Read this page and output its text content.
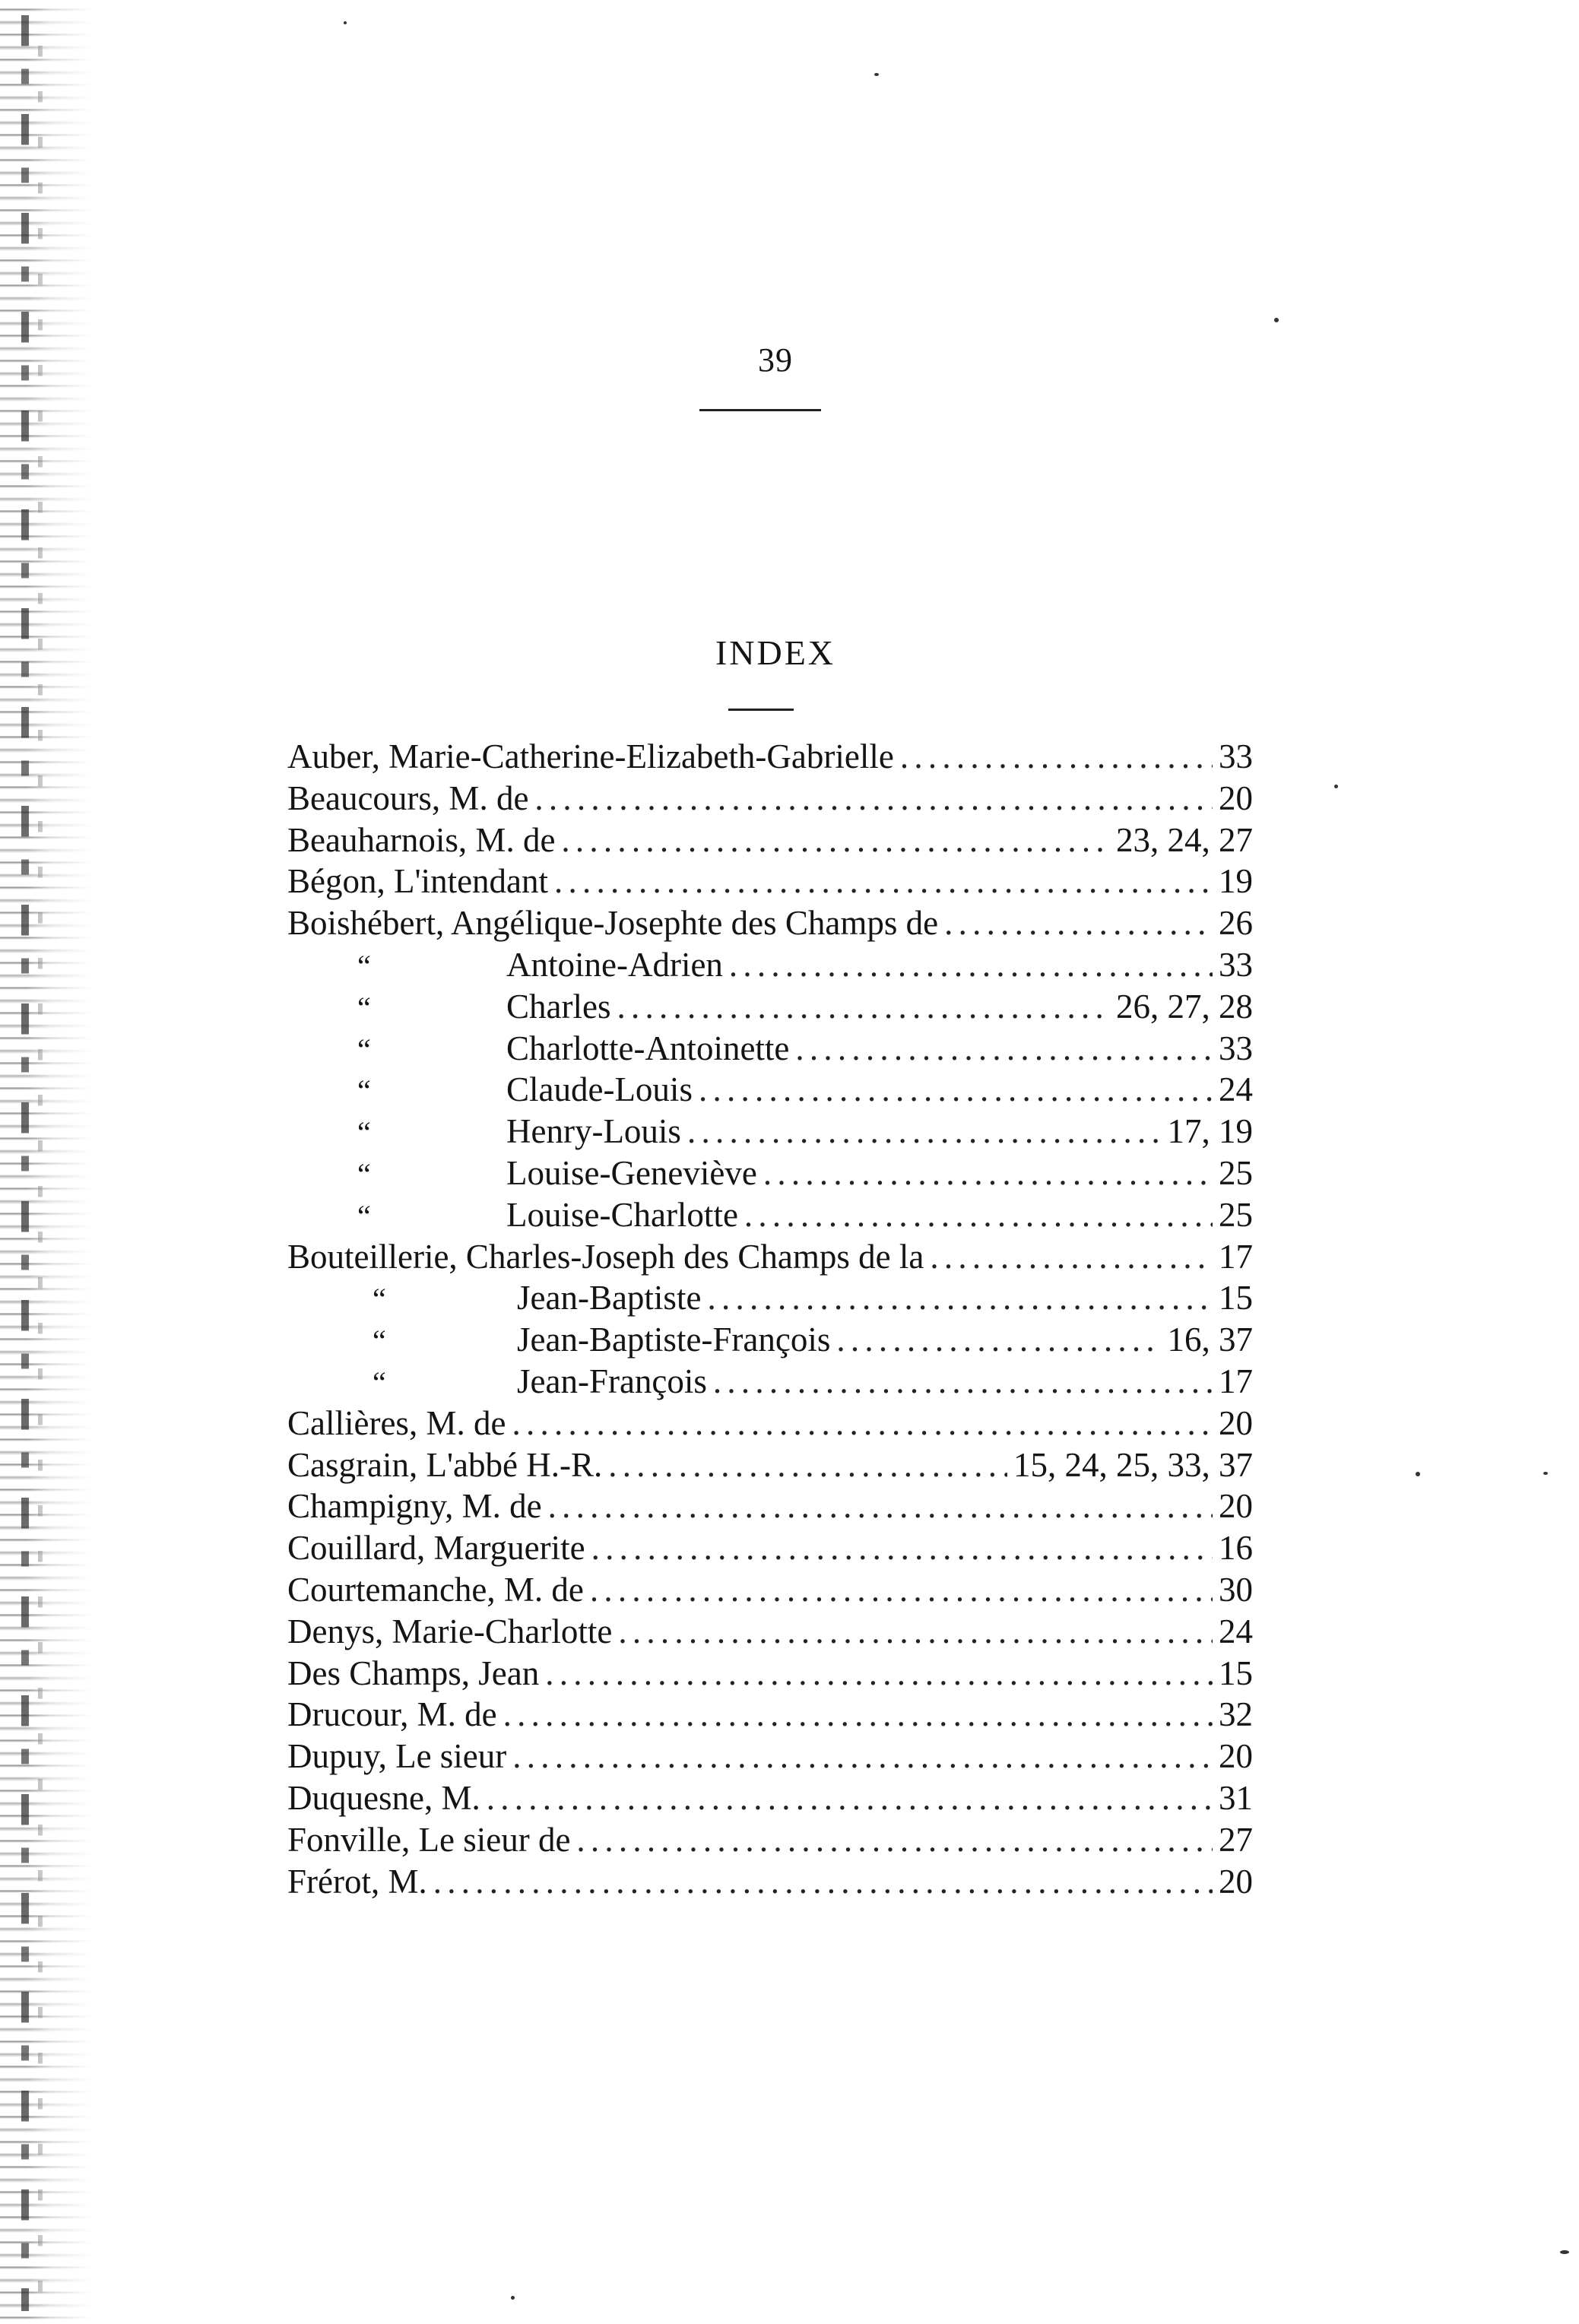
39
INDEX
Auber, Marie-Catherine-Elizabeth-Gabrielle . . .	33
Beaucours, M. de . . .	20
Beauharnois, M. de . . .	23, 24, 27
Bégon, L'intendant . . .	19
Boishébert, Angélique-Josephte des Champs de . . .	26
“	Antoine-Adrien . . .	33
“	Charles . . .	26, 27, 28
“	Charlotte-Antoinette . . .	33
“	Claude-Louis . . .	24
“	Henry-Louis . . .	17, 19
“	Louise-Geneviève . . .	25
“	Louise-Charlotte . . .	25
Bouteillerie, Charles-Joseph des Champs de la . . .	17
“	Jean-Baptiste . . .	15
“	Jean-Baptiste-François . . .	16, 37
“	Jean-François . . .	17
Callières, M. de . . .	20
Casgrain, L'abbé H.-R. . . .	15, 24, 25, 33, 37
Champigny, M. de . . .	20
Couillard, Marguerite . . .	16
Courtemanche, M. de . . .	30
Denys, Marie-Charlotte . . .	24
Des Champs, Jean . . .	15
Drucour, M. de . . .	32
Dupuy, Le sieur . . .	20
Duquesne, M. . . .	31
Fonville, Le sieur de . . .	27
Frérot, M. . . .	20
